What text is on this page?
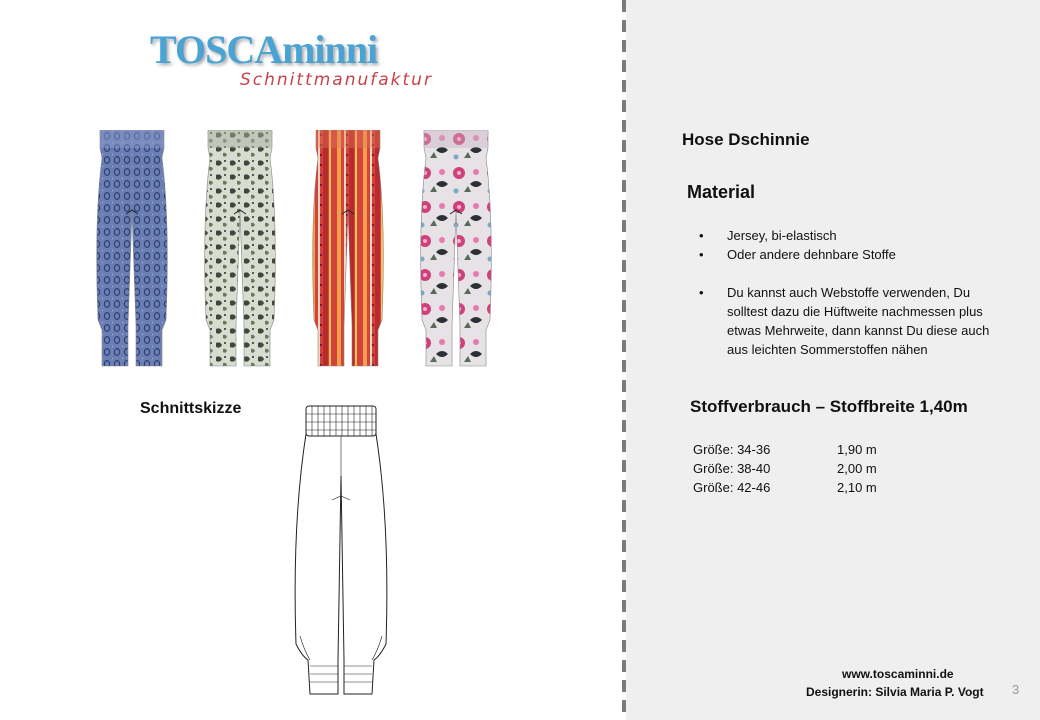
TOSCAminni
Schnittmanufaktur
Schnittskizze
Hose Dschinnie
Material
• Jersey, bi-elastisch
• Oder andere dehnbare Stoffe
• Du kannst auch Webstoffe verwenden, Du solltest dazu die Hüftweite nachmessen plus etwas Mehrweite, dann kannst Du diese auch aus leichten Sommerstoffen nähen
Stoffverbrauch – Stoffbreite 1,40m
Größe: 34-36	1,90 m
Größe: 38-40	2,00 m
Größe: 42-46	2,10 m
www.toscaminni.de
Designerin: Silvia Maria P. Vogt 3
